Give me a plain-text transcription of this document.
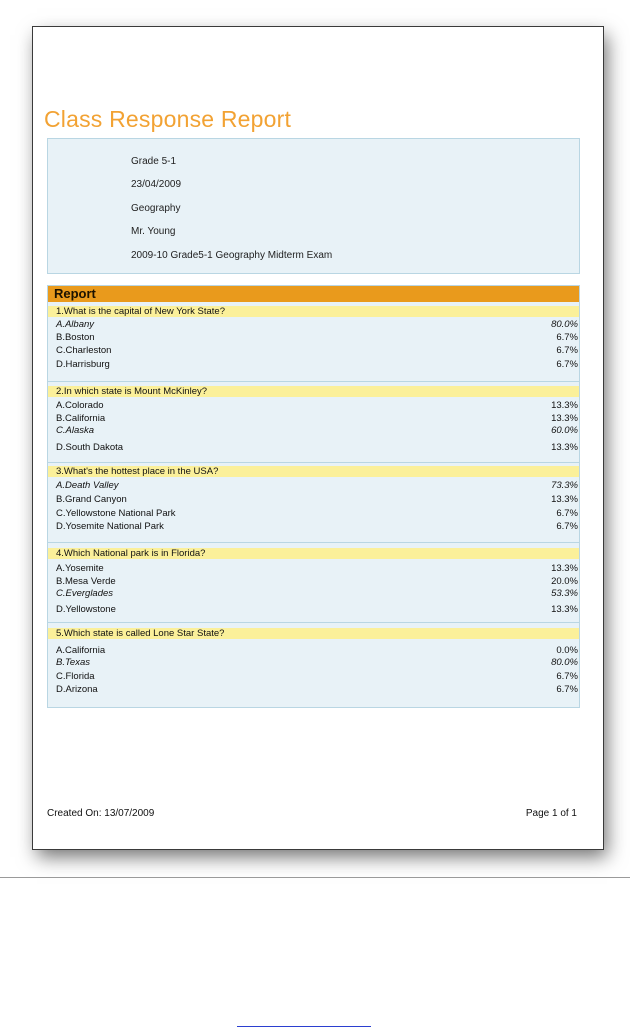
Class Response Report
Grade 5-1
23/04/2009
Geography
Mr. Young
2009-10 Grade5-1 Geography Midterm Exam
Report
1.What is the capital of New York State?
A.Albany	80.0%
B.Boston	6.7%
C.Charleston	6.7%
D.Harrisburg	6.7%
2.In which state is Mount McKinley?
A.Colorado	13.3%
B.California	13.3%
C.Alaska	60.0%
D.South Dakota	13.3%
3.What's the hottest place in the USA?
A.Death Valley	73.3%
B.Grand Canyon	13.3%
C.Yellowstone National Park	6.7%
D.Yosemite National Park	6.7%
4.Which National park is in Florida?
A.Yosemite	13.3%
B.Mesa Verde	20.0%
C.Everglades	53.3%
D.Yellowstone	13.3%
5.Which state is called Lone Star State?
A.California	0.0%
B.Texas	80.0%
C.Florida	6.7%
D.Arizona	6.7%
Created On: 13/07/2009	Page 1 of 1
